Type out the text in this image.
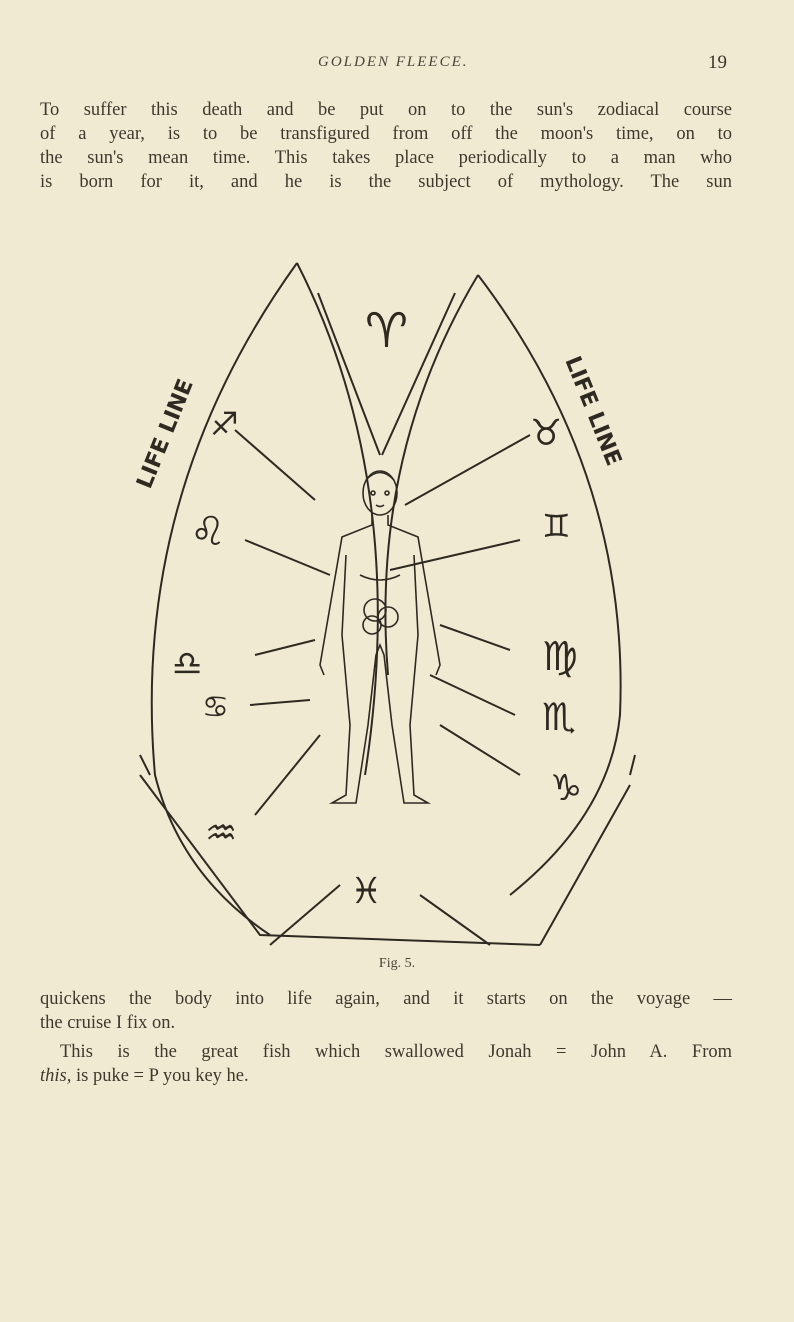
GOLDEN FLEECE.	19
To suffer this death and be put on to the sun's zodiacal course
of a year, is to be transfigured from off the moon's time, on to
the sun's mean time. This takes place periodically to a man who
is born for it, and he is the subject of mythology. The sun
♈
♉
♊
♐
♌
♍
♎
♋	♏
♑
♒
♓
LIFE LINE	LIFE LINE
Fig. 5.
quickens the body into life again, and it starts on the voyage —
the cruise I fix on.
This is the great fish which swallowed Jonah = John A. From
this, is puke = P you key he.
